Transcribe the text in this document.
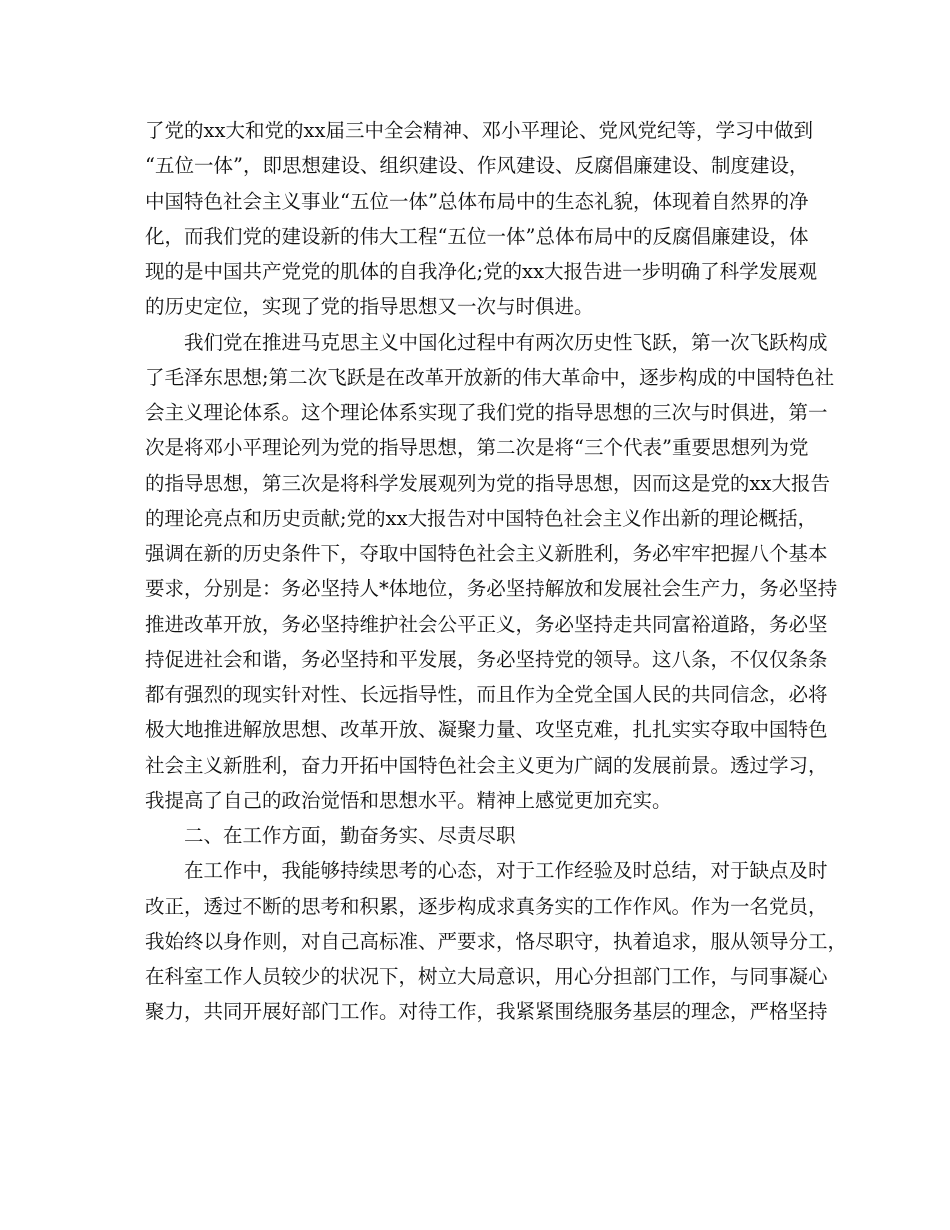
了党的xx大和党的xx届三中全会精神、邓小平理论、党风党纪等，学习中做到
“五位一体”，即思想建设、组织建设、作风建设、反腐倡廉建设、制度建设，
中国特色社会主义事业“五位一体”总体布局中的生态礼貌，体现着自然界的净
化，而我们党的建设新的伟大工程“五位一体”总体布局中的反腐倡廉建设，体
现的是中国共产党党的肌体的自我净化;党的xx大报告进一步明确了科学发展观
的历史定位，实现了党的指导思想又一次与时俱进。
我们党在推进马克思主义中国化过程中有两次历史性飞跃，第一次飞跃构成
了毛泽东思想;第二次飞跃是在改革开放新的伟大革命中，逐步构成的中国特色社
会主义理论体系。这个理论体系实现了我们党的指导思想的三次与时俱进，第一
次是将邓小平理论列为党的指导思想，第二次是将“三个代表”重要思想列为党
的指导思想，第三次是将科学发展观列为党的指导思想，因而这是党的xx大报告
的理论亮点和历史贡献;党的xx大报告对中国特色社会主义作出新的理论概括，
强调在新的历史条件下，夺取中国特色社会主义新胜利，务必牢牢把握八个基本
要求，分别是：务必坚持人*体地位，务必坚持解放和发展社会生产力，务必坚持
推进改革开放，务必坚持维护社会公平正义，务必坚持走共同富裕道路，务必坚
持促进社会和谐，务必坚持和平发展，务必坚持党的领导。这八条，不仅仅条条
都有强烈的现实针对性、长远指导性，而且作为全党全国人民的共同信念，必将
极大地推进解放思想、改革开放、凝聚力量、攻坚克难，扎扎实实夺取中国特色
社会主义新胜利，奋力开拓中国特色社会主义更为广阔的发展前景。透过学习，
我提高了自己的政治觉悟和思想水平。精神上感觉更加充实。
二、在工作方面，勤奋务实、尽责尽职
在工作中，我能够持续思考的心态，对于工作经验及时总结，对于缺点及时
改正，透过不断的思考和积累，逐步构成求真务实的工作作风。作为一名党员，
我始终以身作则，对自己高标准、严要求，恪尽职守，执着追求，服从领导分工，
在科室工作人员较少的状况下，树立大局意识，用心分担部门工作，与同事凝心
聚力，共同开展好部门工作。对待工作，我紧紧围绕服务基层的理念，严格坚持
